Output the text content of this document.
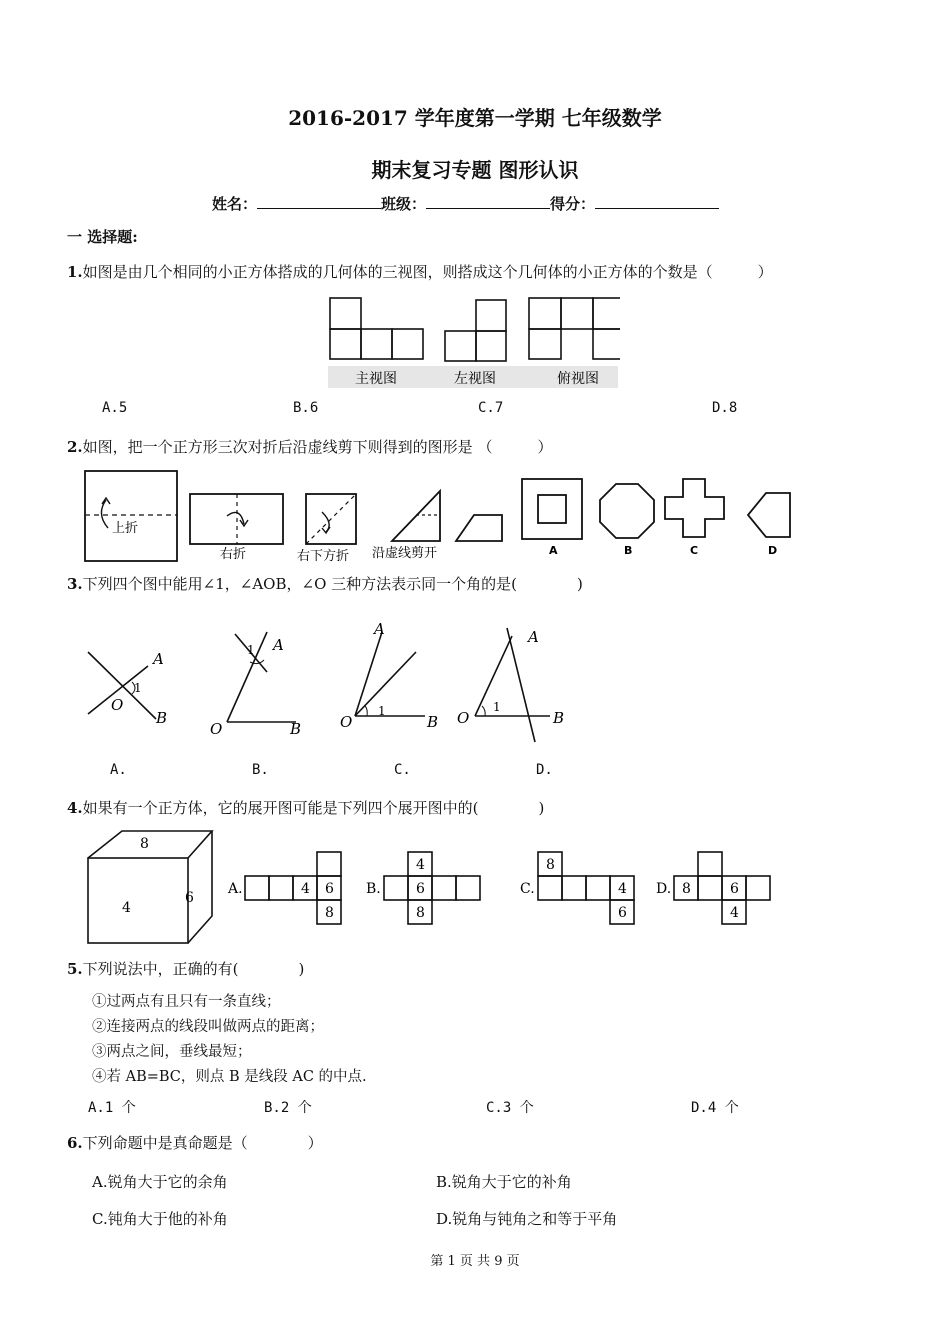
2016-2017 学年度第一学期 七年级数学
期末复习专题 图形认识
姓名：	班级：	得分：
一 选择题:
1.如图是由几个相同的小正方体搭成的几何体的三视图，则搭成这个几何体的小正方体的个数是（　　　）
主视图	左视图	俯视图
A.5	B.6	C.7	D.8
2.如图，把一个正方形三次对折后沿虚线剪下则得到的图形是 （　　　）
上折
右折	右下方折 沿虚线剪开	A	B	C	D
3.下列四个图中能用∠1，∠AOB，∠O 三种方法表示同一个角的是(　　　　)
A
B
O
A
B
O
A
B
O
A
B
O
1
1
1	1
A.	B.	C.	D.
4.如果有一个正方体，它的展开图可能是下列四个展开图中的(　　　　)
8
4
6
A.	4 6
8
B.
4
6
8
C.
8
4
6
D. 8	6
4
5.下列说法中，正确的有(　　　　)
①过两点有且只有一条直线；
②连接两点的线段叫做两点的距离；
③两点之间，垂线最短；
④若 AB=BC，则点 B 是线段 AC 的中点.
A.1 个	B.2 个	C.3 个	D.4 个
6.下列命题中是真命题是（　　　　）
A.锐角大于它的余角	B.锐角大于它的补角
C.钝角大于他的补角	D.锐角与钝角之和等于平角
第 1 页 共 9 页
